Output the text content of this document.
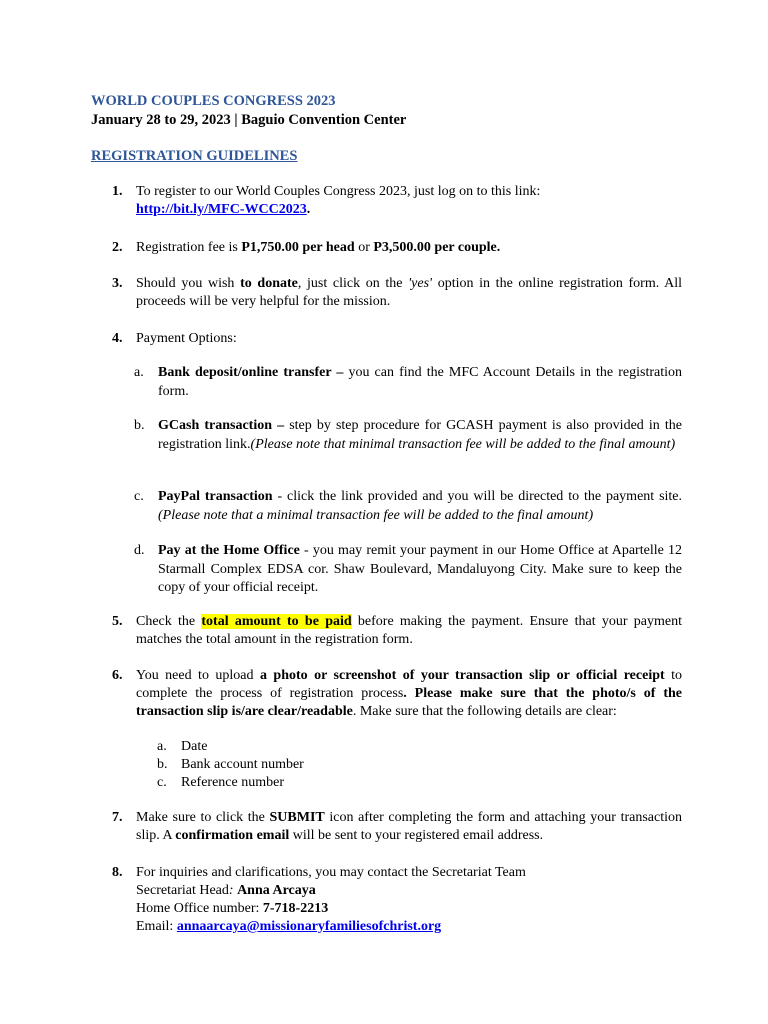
WORLD COUPLES CONGRESS 2023
January 28 to 29, 2023 | Baguio Convention Center
REGISTRATION GUIDELINES
1. To register to our World Couples Congress 2023, just log on to this link:
http://bit.ly/MFC-WCC2023.
2. Registration fee is P1,750.00 per head or P3,500.00 per couple.
3. Should you wish to donate, just click on the 'yes' option in the online registration form. All proceeds will be very helpful for the mission.
4. Payment Options:
a. Bank deposit/online transfer – you can find the MFC Account Details in the registration form.
b. GCash transaction – step by step procedure for GCASH payment is also provided in the registration link.(Please note that minimal transaction fee will be added to the final amount)
c. PayPal transaction - click the link provided and you will be directed to the payment site. (Please note that a minimal transaction fee will be added to the final amount)
d. Pay at the Home Office - you may remit your payment in our Home Office at Apartelle 12 Starmall Complex EDSA cor. Shaw Boulevard, Mandaluyong City. Make sure to keep the copy of your official receipt.
5. Check the total amount to be paid before making the payment. Ensure that your payment matches the total amount in the registration form.
6. You need to upload a photo or screenshot of your transaction slip or official receipt to complete the process of registration process. Please make sure that the photo/s of the transaction slip is/are clear/readable. Make sure that the following details are clear:
a. Date
b. Bank account number
c. Reference number
7. Make sure to click the SUBMIT icon after completing the form and attaching your transaction slip. A confirmation email will be sent to your registered email address.
8. For inquiries and clarifications, you may contact the Secretariat Team
Secretariat Head: Anna Arcaya
Home Office number: 7-718-2213
Email: annaarcaya@missionaryfamiliesofchrist.org
